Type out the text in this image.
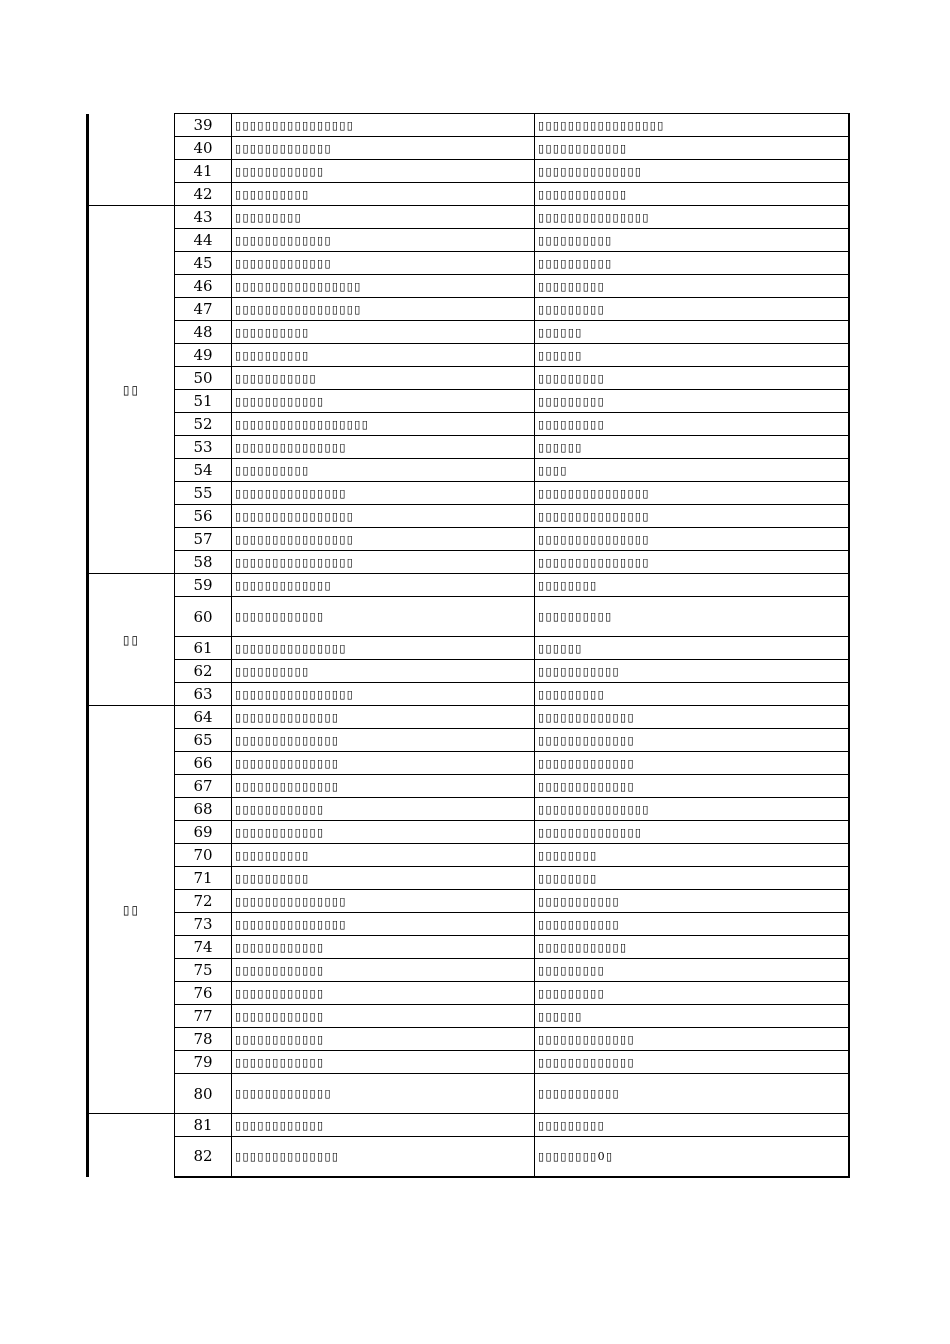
	39	▯▯▯▯▯▯▯▯▯▯▯▯▯▯▯▯	▯▯▯▯▯▯▯▯▯▯▯▯▯▯▯▯▯
	40	▯▯▯▯▯▯▯▯▯▯▯▯▯	▯▯▯▯▯▯▯▯▯▯▯▯
	41	▯▯▯▯▯▯▯▯▯▯▯▯	▯▯▯▯▯▯▯▯▯▯▯▯▯▯
	42	▯▯▯▯▯▯▯▯▯▯	▯▯▯▯▯▯▯▯▯▯▯▯
▯▯	43	▯▯▯▯▯▯▯▯▯	▯▯▯▯▯▯▯▯▯▯▯▯▯▯▯
	44	▯▯▯▯▯▯▯▯▯▯▯▯▯	▯▯▯▯▯▯▯▯▯▯
	45	▯▯▯▯▯▯▯▯▯▯▯▯▯	▯▯▯▯▯▯▯▯▯▯
	46	▯▯▯▯▯▯▯▯▯▯▯▯▯▯▯▯▯	▯▯▯▯▯▯▯▯▯
	47	▯▯▯▯▯▯▯▯▯▯▯▯▯▯▯▯▯	▯▯▯▯▯▯▯▯▯
	48	▯▯▯▯▯▯▯▯▯▯	▯▯▯▯▯▯
	49	▯▯▯▯▯▯▯▯▯▯	▯▯▯▯▯▯
	50	▯▯▯▯▯▯▯▯▯▯▯	▯▯▯▯▯▯▯▯▯
	51	▯▯▯▯▯▯▯▯▯▯▯▯	▯▯▯▯▯▯▯▯▯
	52	▯▯▯▯▯▯▯▯▯▯▯▯▯▯▯▯▯▯	▯▯▯▯▯▯▯▯▯
	53	▯▯▯▯▯▯▯▯▯▯▯▯▯▯▯	▯▯▯▯▯▯
	54	▯▯▯▯▯▯▯▯▯▯	▯▯▯▯
	55	▯▯▯▯▯▯▯▯▯▯▯▯▯▯▯	▯▯▯▯▯▯▯▯▯▯▯▯▯▯▯
	56	▯▯▯▯▯▯▯▯▯▯▯▯▯▯▯▯	▯▯▯▯▯▯▯▯▯▯▯▯▯▯▯
	57	▯▯▯▯▯▯▯▯▯▯▯▯▯▯▯▯	▯▯▯▯▯▯▯▯▯▯▯▯▯▯▯
	58	▯▯▯▯▯▯▯▯▯▯▯▯▯▯▯▯	▯▯▯▯▯▯▯▯▯▯▯▯▯▯▯
▯▯	59	▯▯▯▯▯▯▯▯▯▯▯▯▯	▯▯▯▯▯▯▯▯
	60	▯▯▯▯▯▯▯▯▯▯▯▯	▯▯▯▯▯▯▯▯▯▯
	61	▯▯▯▯▯▯▯▯▯▯▯▯▯▯▯	▯▯▯▯▯▯
	62	▯▯▯▯▯▯▯▯▯▯	▯▯▯▯▯▯▯▯▯▯▯
	63	▯▯▯▯▯▯▯▯▯▯▯▯▯▯▯▯	▯▯▯▯▯▯▯▯▯
▯▯	64	▯▯▯▯▯▯▯▯▯▯▯▯▯▯	▯▯▯▯▯▯▯▯▯▯▯▯▯
	65	▯▯▯▯▯▯▯▯▯▯▯▯▯▯	▯▯▯▯▯▯▯▯▯▯▯▯▯
	66	▯▯▯▯▯▯▯▯▯▯▯▯▯▯	▯▯▯▯▯▯▯▯▯▯▯▯▯
	67	▯▯▯▯▯▯▯▯▯▯▯▯▯▯	▯▯▯▯▯▯▯▯▯▯▯▯▯
	68	▯▯▯▯▯▯▯▯▯▯▯▯	▯▯▯▯▯▯▯▯▯▯▯▯▯▯▯
	69	▯▯▯▯▯▯▯▯▯▯▯▯	▯▯▯▯▯▯▯▯▯▯▯▯▯▯
	70	▯▯▯▯▯▯▯▯▯▯	▯▯▯▯▯▯▯▯
	71	▯▯▯▯▯▯▯▯▯▯	▯▯▯▯▯▯▯▯
	72	▯▯▯▯▯▯▯▯▯▯▯▯▯▯▯	▯▯▯▯▯▯▯▯▯▯▯
	73	▯▯▯▯▯▯▯▯▯▯▯▯▯▯▯	▯▯▯▯▯▯▯▯▯▯▯
	74	▯▯▯▯▯▯▯▯▯▯▯▯	▯▯▯▯▯▯▯▯▯▯▯▯
	75	▯▯▯▯▯▯▯▯▯▯▯▯	▯▯▯▯▯▯▯▯▯
	76	▯▯▯▯▯▯▯▯▯▯▯▯	▯▯▯▯▯▯▯▯▯
	77	▯▯▯▯▯▯▯▯▯▯▯▯	▯▯▯▯▯▯
	78	▯▯▯▯▯▯▯▯▯▯▯▯	▯▯▯▯▯▯▯▯▯▯▯▯▯
	79	▯▯▯▯▯▯▯▯▯▯▯▯	▯▯▯▯▯▯▯▯▯▯▯▯▯
	80	▯▯▯▯▯▯▯▯▯▯▯▯▯	▯▯▯▯▯▯▯▯▯▯▯
	81	▯▯▯▯▯▯▯▯▯▯▯▯	▯▯▯▯▯▯▯▯▯
	82	▯▯▯▯▯▯▯▯▯▯▯▯▯▯	▯▯▯▯▯▯▯▯0▯
